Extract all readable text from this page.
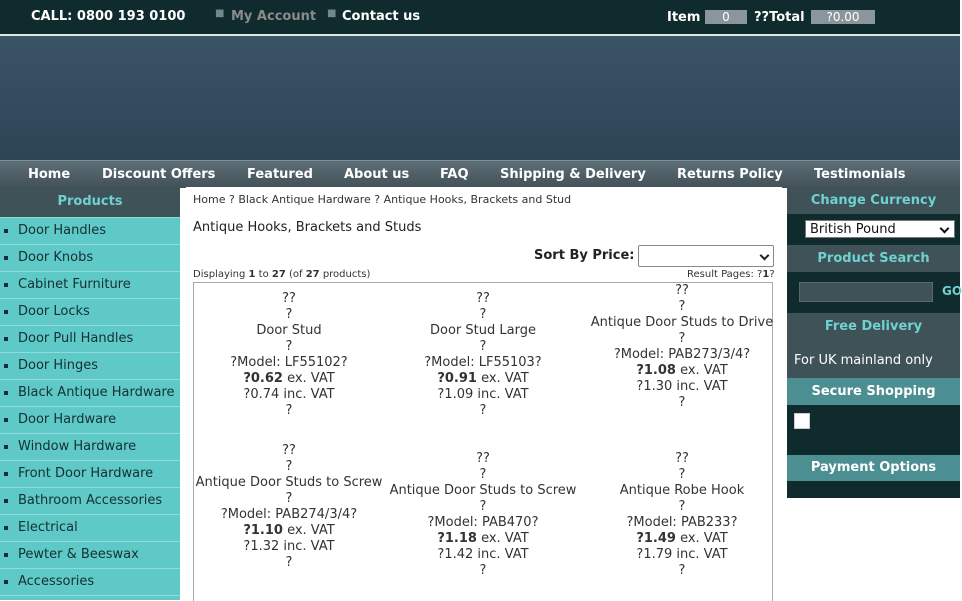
CALL: 0800 193 0100	■ My Account ■ Contact us	Item	0	??Total	?0.00
Home Discount Offers Featured About us FAQ Shipping & Delivery Returns Policy Testimonials
Products
Door Handles
Door Knobs
Cabinet Furniture
Door Locks
Door Pull Handles
Door Hinges
Black Antique Hardware
Door Hardware
Window Hardware
Front Door Hardware
Bathroom Accessories
Electrical
Pewter & Beeswax
Accessories
Home ? Black Antique Hardware ? Antique Hooks, Brackets and Stud
Antique Hooks, Brackets and Studs
Sort By Price:
Displaying 1 to 27 (of 27 products)	Result Pages: ?1?
??
?
Door Stud
?
?Model: LF55102?
?0.62 ex. VAT
?0.74 inc. VAT
?
??
?
Door Stud Large
?
?Model: LF55103?
?0.91 ex. VAT
?1.09 inc. VAT
?
??
?
Antique Door Studs to Drive
?
?Model: PAB273/3/4?
?1.08 ex. VAT
?1.30 inc. VAT
?
??
?
Antique Door Studs to Screw
?
?Model: PAB274/3/4?
?1.10 ex. VAT
?1.32 inc. VAT
?
??
?
Antique Door Studs to Screw
?
?Model: PAB470?
?1.18 ex. VAT
?1.42 inc. VAT
?
??
?
Antique Robe Hook
?
?Model: PAB233?
?1.49 ex. VAT
?1.79 inc. VAT
?
Change Currency
British Pound
Product Search
GO
Free Delivery
For UK mainland only
Secure Shopping
Payment Options
